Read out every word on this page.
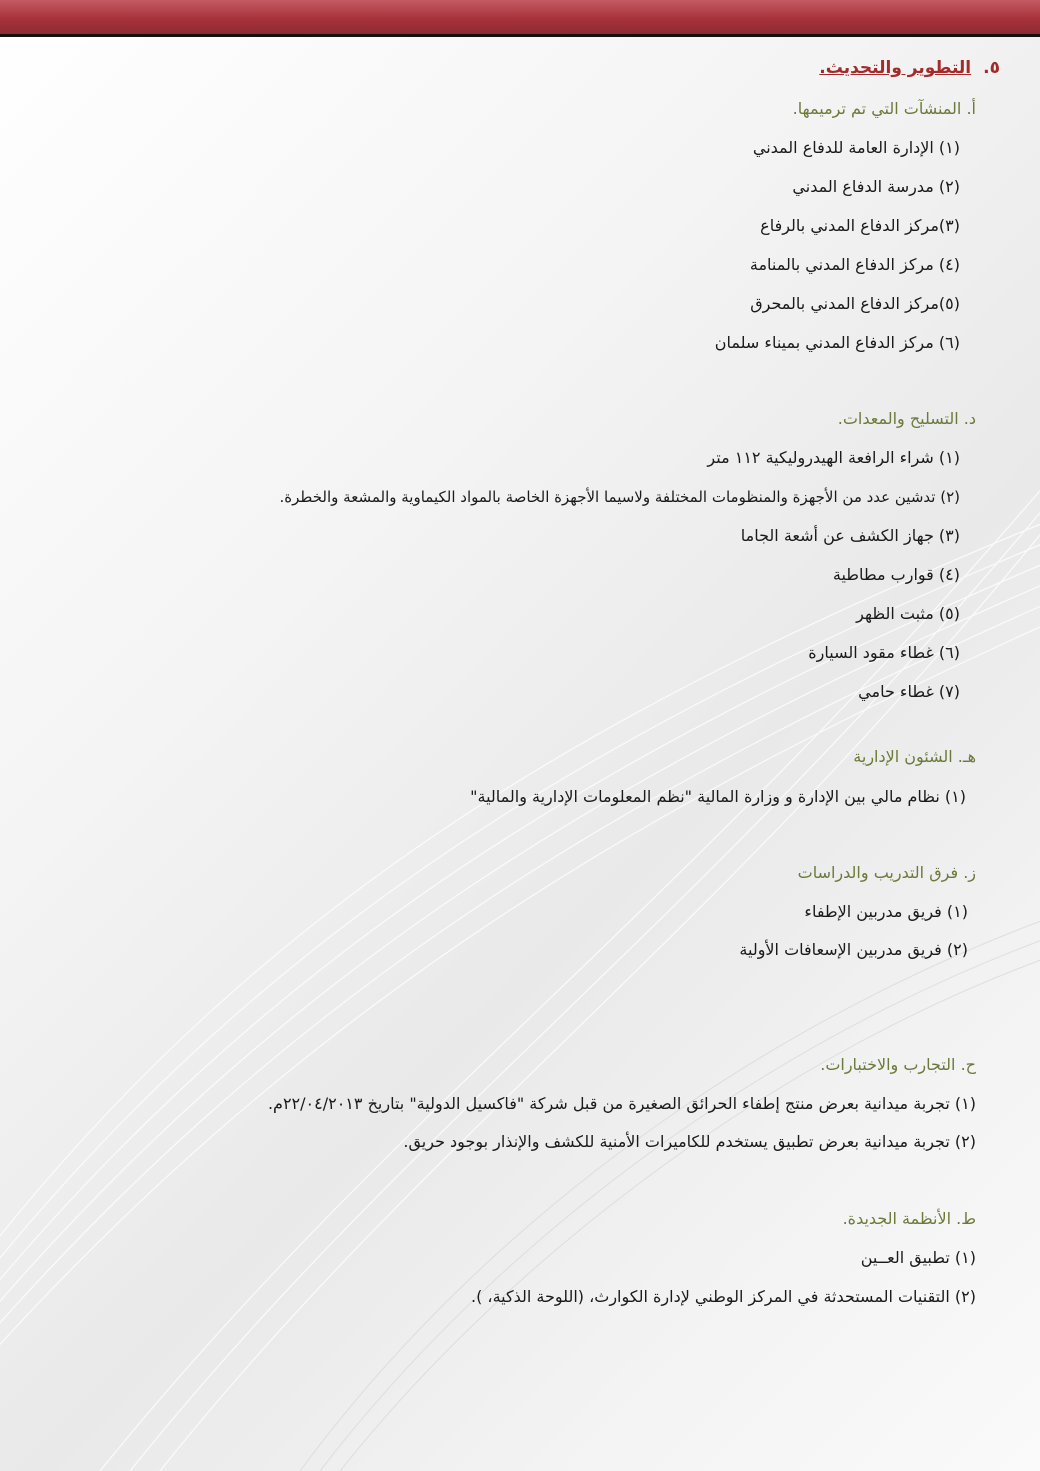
٥.التطوير والتحديث.
أ. المنشآت التي تم ترميمها.
(١) الإدارة العامة للدفاع المدني
(٢) مدرسة الدفاع المدني
(٣)مركز الدفاع المدني بالرفاع
(٤) مركز الدفاع المدني بالمنامة
(٥)مركز الدفاع المدني بالمحرق
(٦) مركز الدفاع المدني بميناء سلمان
د. التسليح والمعدات.
(١) شراء الرافعة الهيدروليكية ١١٢ متر
(٢) تدشين عدد من الأجهزة والمنظومات المختلفة ولاسيما الأجهزة الخاصة بالمواد الكيماوية والمشعة والخطرة.
(٣) جهاز الكشف عن أشعة الجاما
(٤) قوارب مطاطية
(٥) مثبت الظهر
(٦) غطاء مقود السيارة
(٧) غطاء حامي
هـ. الشئون الإدارية
(١) نظام مالي بين الإدارة و وزارة المالية "نظم المعلومات الإدارية والمالية"
ز. فرق التدريب والدراسات
(١) فريق مدربين الإطفاء
(٢) فريق مدربين الإسعافات الأولية
ح. التجارب والاختبارات.
(١) تجربة ميدانية بعرض منتج إطفاء الحرائق الصغيرة من قبل شركة "فاكسيل الدولية" بتاريخ ٢٢/٠٤/٢٠١٣م.
(٢) تجربة ميدانية بعرض تطبيق يستخدم للكاميرات الأمنية للكشف والإنذار بوجود حريق.
ط. الأنظمة الجديدة.
(١) تطبيق العــين
(٢) التقنيات المستحدثة في المركز الوطني لإدارة الكوارث، (اللوحة الذكية، ).
